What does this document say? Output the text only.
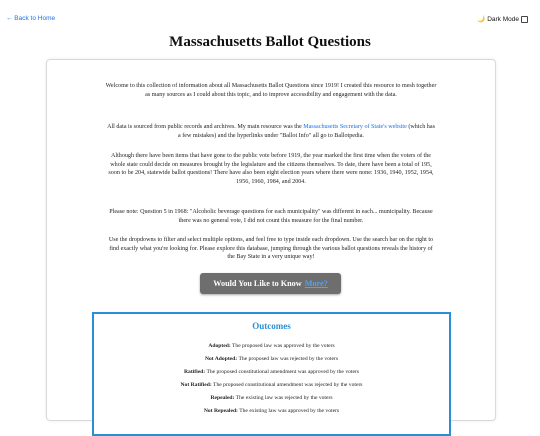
← Back to Home	🌙 Dark Mode
Massachusetts Ballot Questions

Welcome to this collection of information about all Massachusetts Ballot Questions since 1919! I created this resource to mesh together as many sources as I could about this topic, and to improve accessibility and engagement with the data.

All data is sourced from public records and archives. My main resource was the Massachusetts Secretary of State's website (which has a few mistakes) and the hyperlinks under "Ballot Info" all go to Ballotpedia.

Although there have been items that have gone to the public vote before 1919, the year marked the first time when the voters of the whole state could decide on measures brought by the legislature and the citizens themselves. To date, there have been a total of 195, soon to be 204, statewide ballot questions! There have also been eight election years where there were none: 1936, 1940, 1952, 1954, 1956, 1960, 1984, and 2004.

Please note: Question 5 in 1968: "Alcoholic beverage questions for each municipality" was different in each... municipality. Because there was no general vote, I did not count this measure for the final number.

Use the dropdowns to filter and select multiple options, and feel free to type inside each dropdown. Use the search bar on the right to find exactly what you're looking for. Please explore this database, jumping through the various ballot questions reveals the history of the Bay State in a very unique way!

Would You Like to Know More?
Outcomes
Adopted: The proposed law was approved by the voters
Not Adopted: The proposed law was rejected by the voters
Ratified: The proposed constitutional amendment was approved by the voters
Not Ratified: The proposed constitutional amendment was rejected by the voters
Repealed: The existing law was rejected by the voters
Not Repealed: The existing law was approved by the voters
